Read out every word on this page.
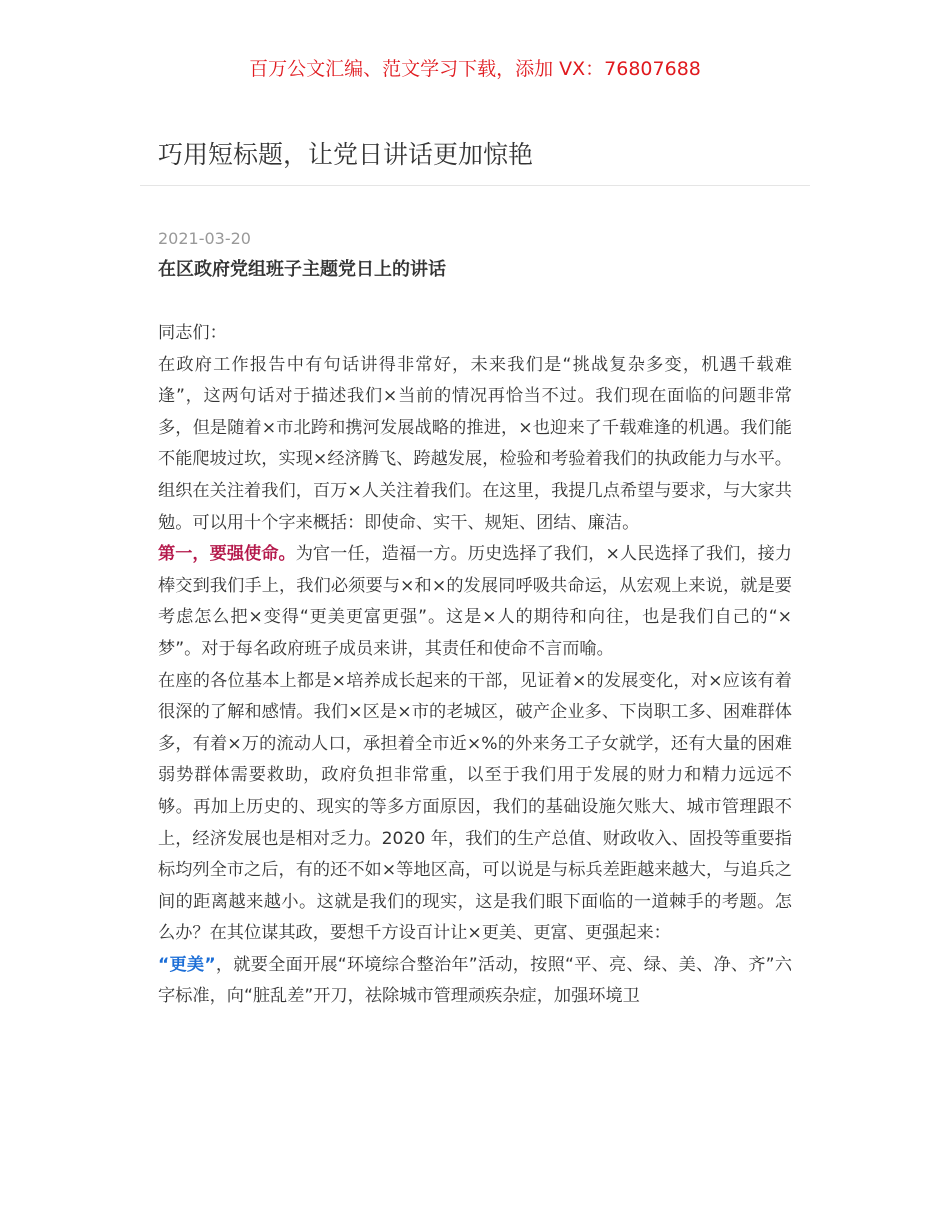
百万公文汇编、范文学习下载，添加 VX：76807688
巧用短标题，让党日讲话更加惊艳
2021-03-20
在区政府党组班子主题党日上的讲话

同志们：

在政府工作报告中有句话讲得非常好，未来我们是“挑战复杂多变，机遇千载难逢”，这两句话对于描述我们×当前的情况再恰当不过。我们现在面临的问题非常多，但是随着×市北跨和携河发展战略的推进，×也迎来了千载难逢的机遇。我们能不能爬坡过坎，实现×经济腾飞、跨越发展，检验和考验着我们的执政能力与水平。组织在关注着我们，百万×人关注着我们。在这里，我提几点希望与要求，与大家共勉。可以用十个字来概括：即使命、实干、规矩、团结、廉洁。

第一，要强使命。为官一任，造福一方。历史选择了我们，×人民选择了我们，接力棒交到我们手上，我们必须要与×和×的发展同呼吸共命运，从宏观上来说，就是要考虑怎么把×变得“更美更富更强”。这是×人的期待和向往，也是我们自己的“×梦”。对于每名政府班子成员来讲，其责任和使命不言而喻。

在座的各位基本上都是×培养成长起来的干部，见证着×的发展变化，对×应该有着很深的了解和感情。我们×区是×市的老城区，破产企业多、下岗职工多、困难群体多，有着×万的流动人口，承担着全市近×%的外来务工子女就学，还有大量的困难弱势群体需要救助，政府负担非常重，以至于我们用于发展的财力和精力远远不够。再加上历史的、现实的等多方面原因，我们的基础设施欠账大、城市管理跟不上，经济发展也是相对乏力。2020 年，我们的生产总值、财政收入、固投等重要指标均列全市之后，有的还不如×等地区高，可以说是与标兵差距越来越大，与追兵之间的距离越来越小。这就是我们的现实，这是我们眼下面临的一道棘手的考题。怎么办？在其位谋其政，要想千方设百计让×更美、更富、更强起来：

“更美”，就要全面开展“环境综合整治年”活动，按照“平、亮、绿、美、净、齐”六字标准，向“脏乱差”开刀，祛除城市管理顽疾杂症，加强环境卫
